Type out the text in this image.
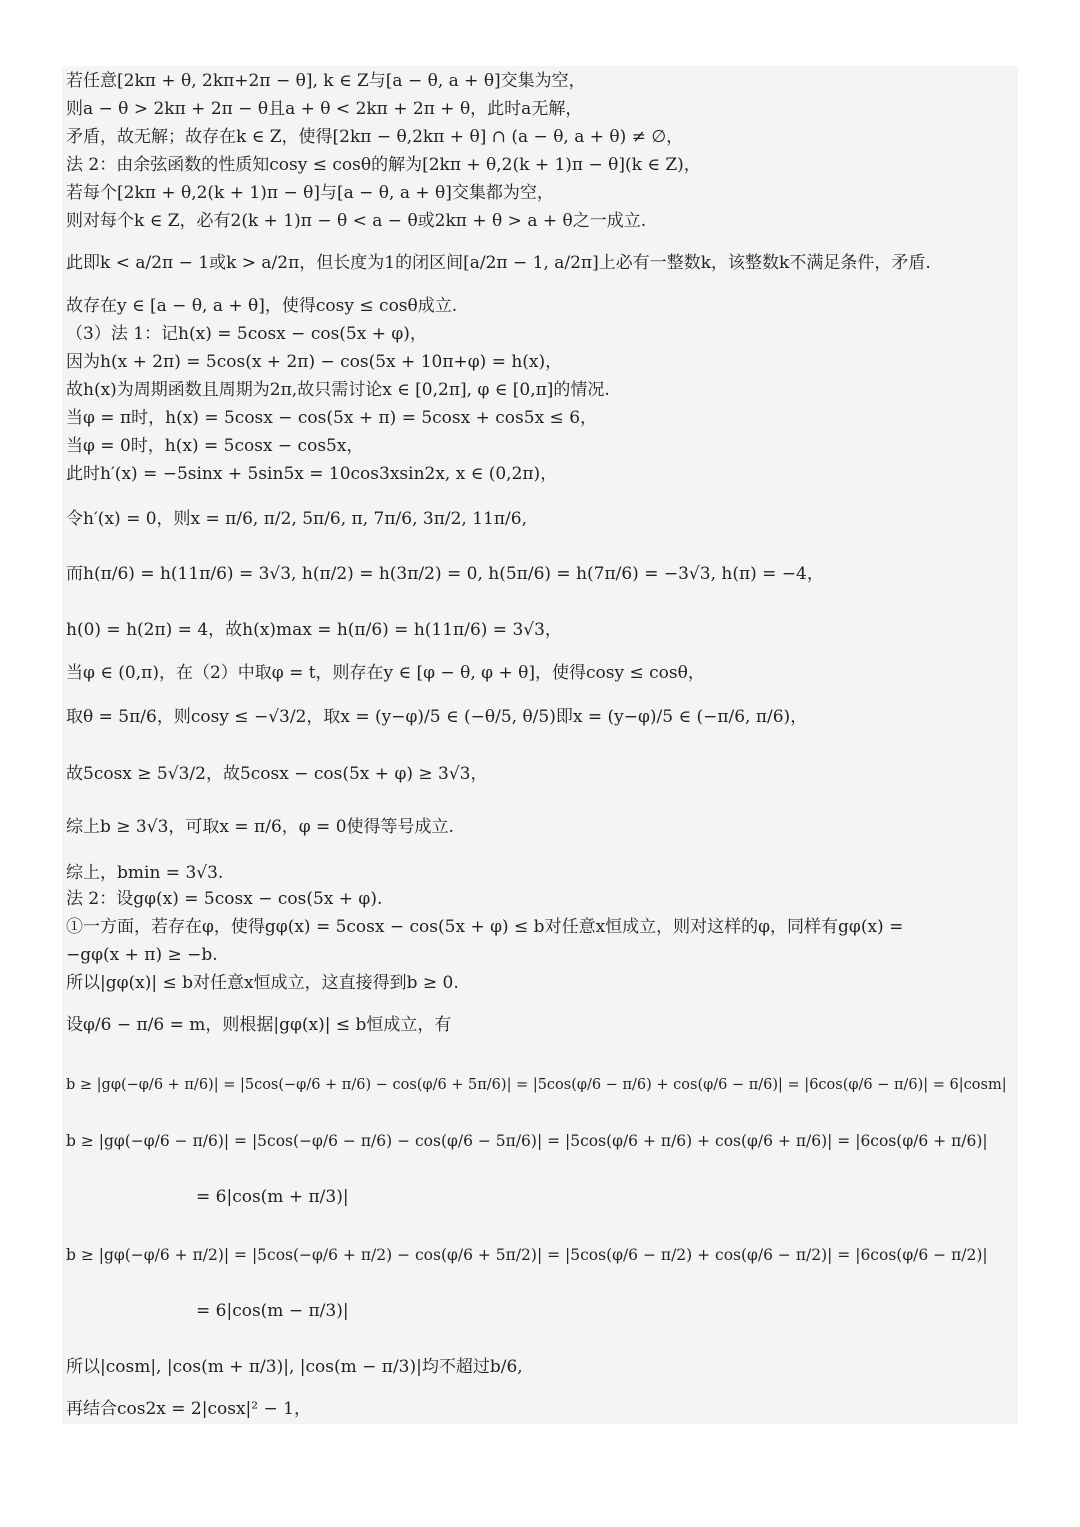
若任意[2kπ + θ, 2kπ+2π − θ], k ∈ Z与[a − θ, a + θ]交集为空，
则a − θ > 2kπ + 2π − θ且a + θ < 2kπ + 2π + θ，此时a无解，
矛盾，故无解；故存在k ∈ Z，使得[2kπ − θ,2kπ + θ] ∩ (a − θ, a + θ) ≠ ∅，
法 2：由余弦函数的性质知cosy ≤ cosθ的解为[2kπ + θ,2(k + 1)π − θ](k ∈ Z)，
若每个[2kπ + θ,2(k + 1)π − θ]与[a − θ, a + θ]交集都为空，
则对每个k ∈ Z，必有2(k + 1)π − θ < a − θ或2kπ + θ > a + θ之一成立.
此即k < a/2π − 1或k > a/2π，但长度为1的闭区间[a/2π − 1, a/2π]上必有一整数k，该整数k不满足条件，矛盾.
故存在y ∈ [a − θ, a + θ]，使得cosy ≤ cosθ成立.
（3）法 1：记h(x) = 5cosx − cos(5x + φ)，
因为h(x + 2π) = 5cos(x + 2π) − cos(5x + 10π+φ) = h(x)，
故h(x)为周期函数且周期为2π,故只需讨论x ∈ [0,2π], φ ∈ [0,π]的情况.
当φ = π时，h(x) = 5cosx − cos(5x + π) = 5cosx + cos5x ≤ 6，
当φ = 0时，h(x) = 5cosx − cos5x，
此时h′(x) = −5sinx + 5sin5x = 10cos3xsin2x, x ∈ (0,2π)，
令h′(x) = 0，则x = π/6, π/2, 5π/6, π, 7π/6, 3π/2, 11π/6,
而h(π/6) = h(11π/6) = 3√3, h(π/2) = h(3π/2) = 0, h(5π/6) = h(7π/6) = −3√3, h(π) = −4，
h(0) = h(2π) = 4，故h(x)max = h(π/6) = h(11π/6) = 3√3，
当φ ∈ (0,π)，在（2）中取φ = t，则存在y ∈ [φ − θ, φ + θ]，使得cosy ≤ cosθ，
取θ = 5π/6，则cosy ≤ −√3/2，取x = (y−φ)/5 ∈ (−θ/5, θ/5)即x = (y−φ)/5 ∈ (−π/6, π/6)，
故5cosx ≥ 5√3/2，故5cosx − cos(5x + φ) ≥ 3√3，
综上b ≥ 3√3，可取x = π/6，φ = 0使得等号成立.
综上，bmin = 3√3.
法 2：设gφ(x) = 5cosx − cos(5x + φ).
①一方面，若存在φ，使得gφ(x) = 5cosx − cos(5x + φ) ≤ b对任意x恒成立，则对这样的φ，同样有gφ(x) =
−gφ(x + π) ≥ −b.
所以|gφ(x)| ≤ b对任意x恒成立，这直接得到b ≥ 0.
设φ/6 − π/6 = m，则根据|gφ(x)| ≤ b恒成立，有
b ≥ |gφ(−φ/6 + π/6)| = |5cos(−φ/6 + π/6) − cos(φ/6 + 5π/6)| = |5cos(φ/6 − π/6) + cos(φ/6 − π/6)| = |6cos(φ/6 − π/6)| = 6|cosm|
b ≥ |gφ(−φ/6 − π/6)| = |5cos(−φ/6 − π/6) − cos(φ/6 − 5π/6)| = |5cos(φ/6 + π/6) + cos(φ/6 + π/6)| = |6cos(φ/6 + π/6)|
= 6|cos(m + π/3)|
b ≥ |gφ(−φ/6 + π/2)| = |5cos(−φ/6 + π/2) − cos(φ/6 + 5π/2)| = |5cos(φ/6 − π/2) + cos(φ/6 − π/2)| = |6cos(φ/6 − π/2)|
= 6|cos(m − π/3)|
所以|cosm|, |cos(m + π/3)|, |cos(m − π/3)|均不超过b/6,
再结合cos2x = 2|cosx|² − 1，
